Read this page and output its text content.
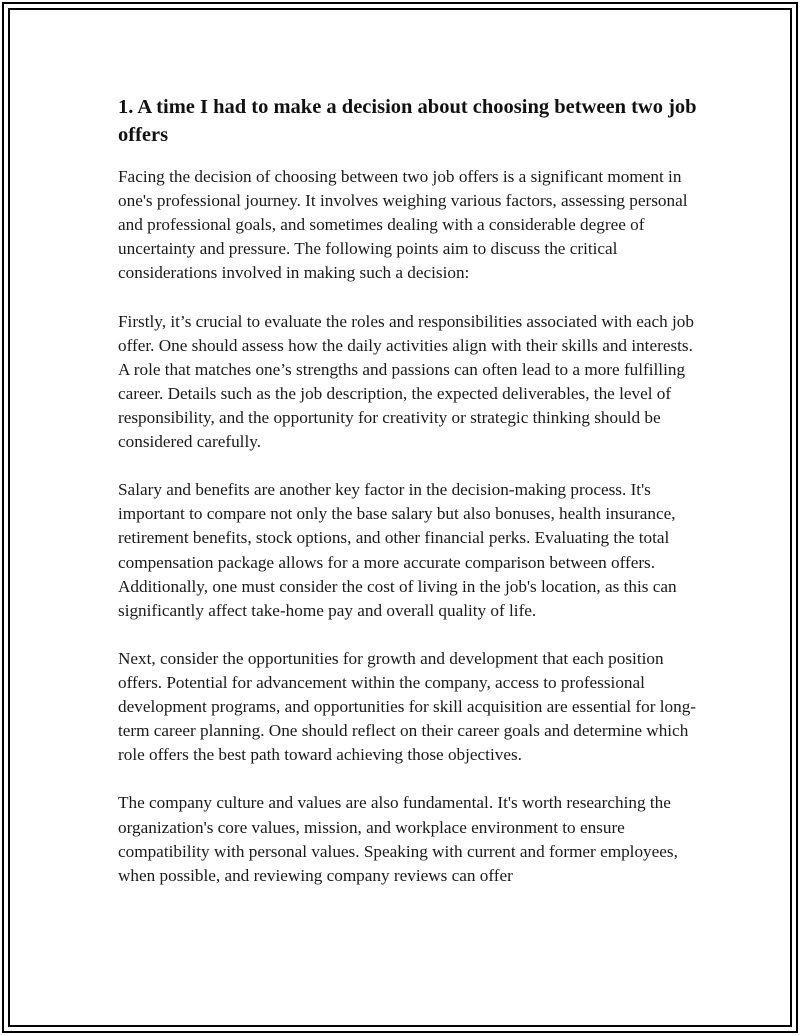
1. A time I had to make a decision about choosing between two job offers

Facing the decision of choosing between two job offers is a significant moment in one's professional journey. It involves weighing various factors, assessing personal and professional goals, and sometimes dealing with a considerable degree of uncertainty and pressure. The following points aim to discuss the critical considerations involved in making such a decision:

Firstly, it’s crucial to evaluate the roles and responsibilities associated with each job offer. One should assess how the daily activities align with their skills and interests. A role that matches one’s strengths and passions can often lead to a more fulfilling career. Details such as the job description, the expected deliverables, the level of responsibility, and the opportunity for creativity or strategic thinking should be considered carefully.

Salary and benefits are another key factor in the decision-making process. It's important to compare not only the base salary but also bonuses, health insurance, retirement benefits, stock options, and other financial perks. Evaluating the total compensation package allows for a more accurate comparison between offers. Additionally, one must consider the cost of living in the job's location, as this can significantly affect take-home pay and overall quality of life.

Next, consider the opportunities for growth and development that each position offers. Potential for advancement within the company, access to professional development programs, and opportunities for skill acquisition are essential for long-term career planning. One should reflect on their career goals and determine which role offers the best path toward achieving those objectives.

The company culture and values are also fundamental. It's worth researching the organization's core values, mission, and workplace environment to ensure compatibility with personal values. Speaking with current and former employees, when possible, and reviewing company reviews can offer
